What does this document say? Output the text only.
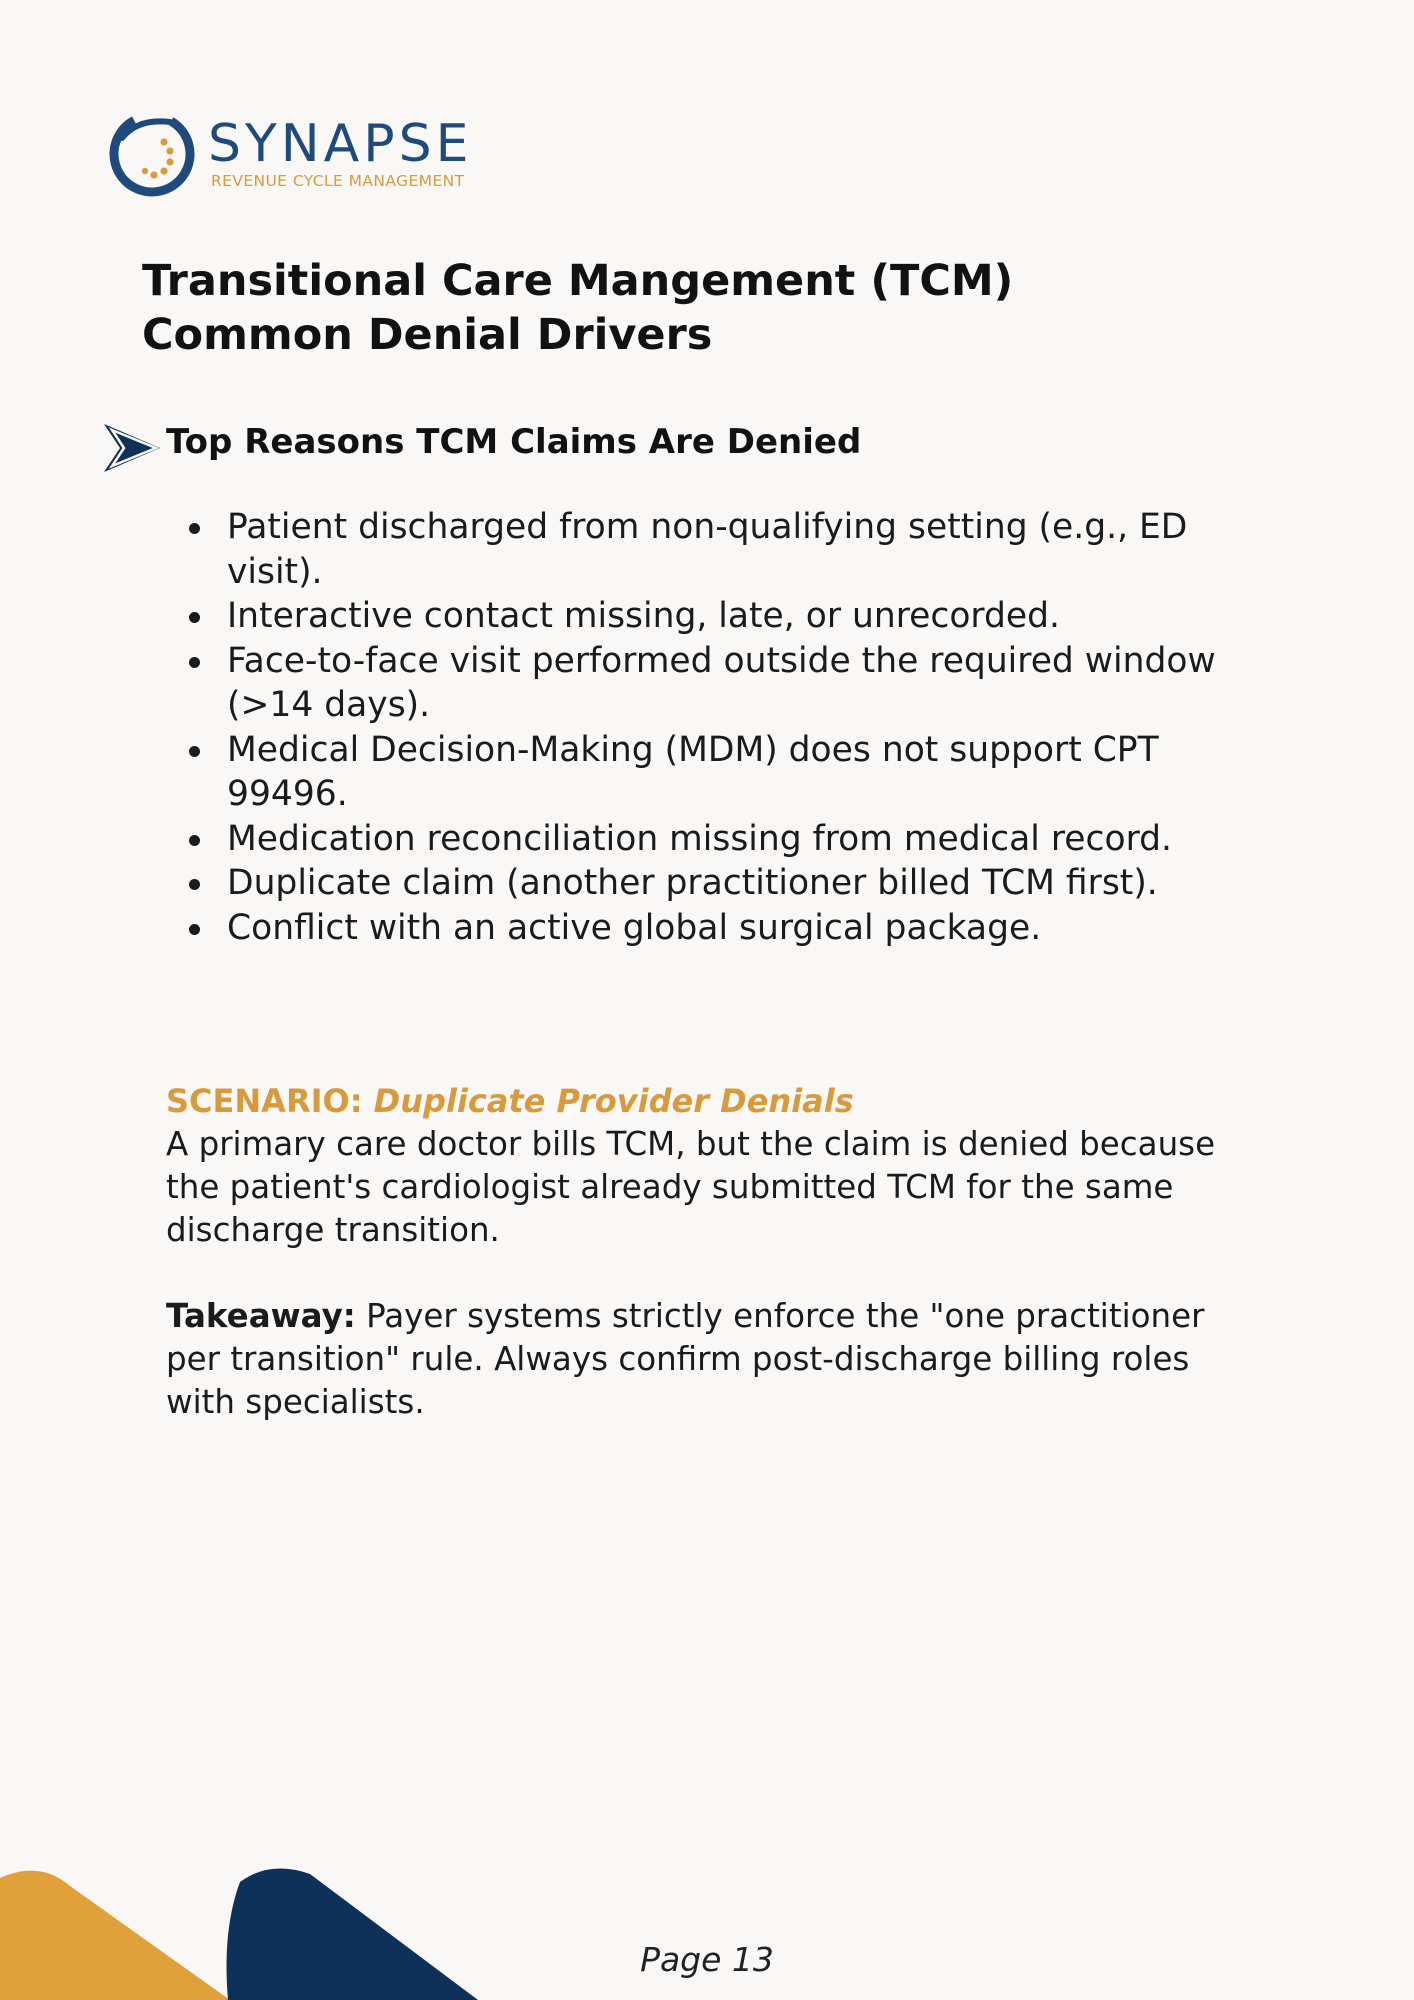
SYNAPSE
REVENUE CYCLE MANAGEMENT
Transitional Care Mangement (TCM)
Common Denial Drivers
Top Reasons TCM Claims Are Denied
Patient discharged from non-qualifying setting (e.g., ED visit).
Interactive contact missing, late, or unrecorded.
Face-to-face visit performed outside the required window (>14 days).
Medical Decision-Making (MDM) does not support CPT 99496.
Medication reconciliation missing from medical record.
Duplicate claim (another practitioner billed TCM first).
Conflict with an active global surgical package.
SCENARIO: Duplicate Provider Denials

A primary care doctor bills TCM, but the claim is denied because the patient's cardiologist already submitted TCM for the same discharge transition.

Takeaway: Payer systems strictly enforce the "one practitioner per transition" rule. Always confirm post-discharge billing roles with specialists.

Page 13
